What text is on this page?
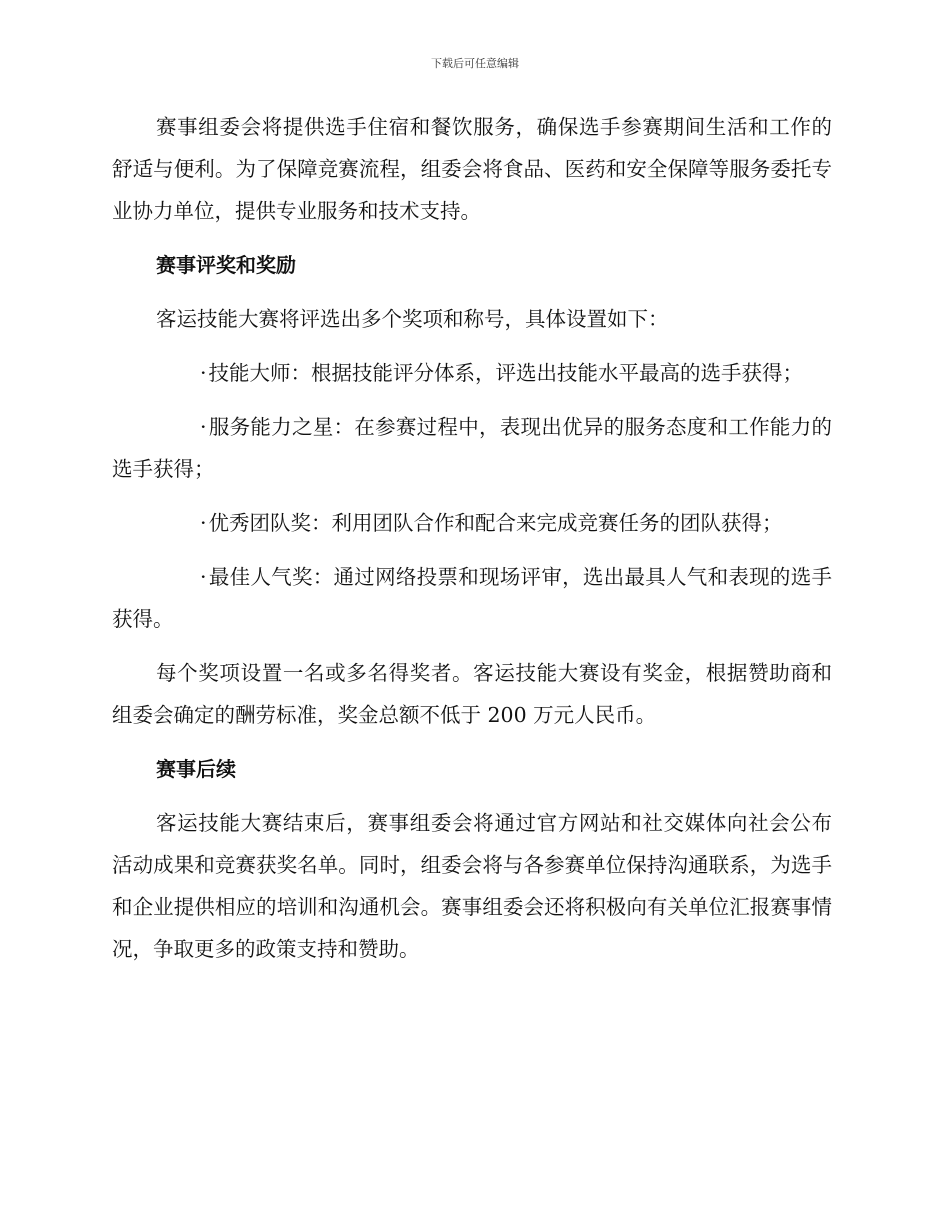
下载后可任意编辑

赛事组委会将提供选手住宿和餐饮服务，确保选手参赛期间生活和工作的舒适与便利。为了保障竞赛流程，组委会将食品、医药和安全保障等服务委托专业协力单位，提供专业服务和技术支持。

赛事评奖和奖励

客运技能大赛将评选出多个奖项和称号，具体设置如下：

·技能大师：根据技能评分体系，评选出技能水平最高的选手获得；

·服务能力之星：在参赛过程中，表现出优异的服务态度和工作能力的选手获得；

·优秀团队奖：利用团队合作和配合来完成竞赛任务的团队获得；

·最佳人气奖：通过网络投票和现场评审，选出最具人气和表现的选手获得。

每个奖项设置一名或多名得奖者。客运技能大赛设有奖金，根据赞助商和组委会确定的酬劳标准，奖金总额不低于 200 万元人民币。

赛事后续

客运技能大赛结束后，赛事组委会将通过官方网站和社交媒体向社会公布活动成果和竞赛获奖名单。同时，组委会将与各参赛单位保持沟通联系，为选手和企业提供相应的培训和沟通机会。赛事组委会还将积极向有关单位汇报赛事情况，争取更多的政策支持和赞助。
